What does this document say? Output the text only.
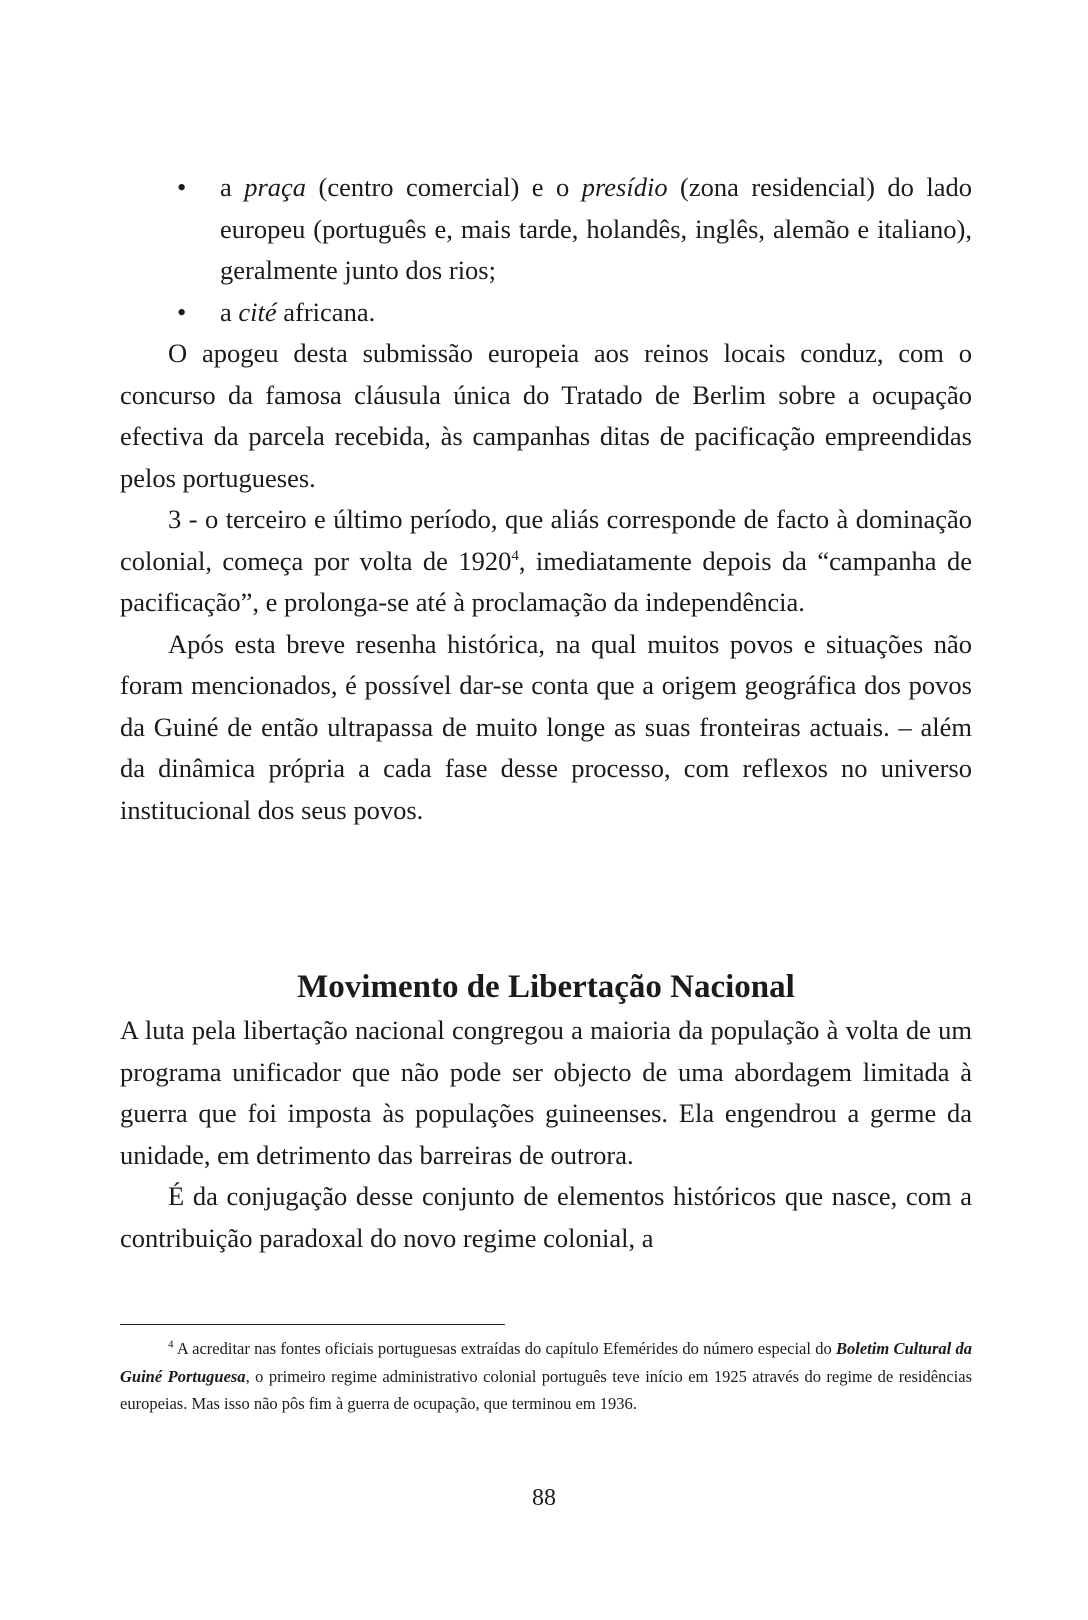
• a praça (centro comercial) e o presídio (zona residencial) do lado europeu (português e, mais tarde, holandês, inglês, alemão e italiano), geralmente junto dos rios;
• a cité africana.

O apogeu desta submissão europeia aos reinos locais conduz, com o concurso da famosa cláusula única do Tratado de Berlim sobre a ocupação efectiva da parcela recebida, às campanhas ditas de pacificação empreendidas pelos portugueses.

3 - o terceiro e último período, que aliás corresponde de facto à dominação colonial, começa por volta de 1920$^4$, imediatamente depois da “campanha de pacificação”, e prolonga-se até à proclamação da independência.

Após esta breve resenha histórica, na qual muitos povos e situações não foram mencionados, é possível dar-se conta que a origem geográfica dos povos da Guiné de então ultrapassa de muito longe as suas fronteiras actuais. – além da dinâmica própria a cada fase desse processo, com reflexos no universo institucional dos seus povos.

Movimento de Libertação Nacional

A luta pela libertação nacional congregou a maioria da população à volta de um programa unificador que não pode ser objecto de uma abordagem limitada à guerra que foi imposta às populações guineenses. Ela engendrou a germe da unidade, em detrimento das barreiras de outrora.

É da conjugação desse conjunto de elementos históricos que nasce, com a contribuição paradoxal do novo regime colonial, a

$^4$ A acreditar nas fontes oficiais portuguesas extraídas do capítulo Efemérides do número especial do Boletim Cultural da Guiné Portuguesa, o primeiro regime administrativo colonial português teve início em 1925 através do regime de residências europeias. Mas isso não pôs fim à guerra de ocupação, que terminou em 1936.

88
